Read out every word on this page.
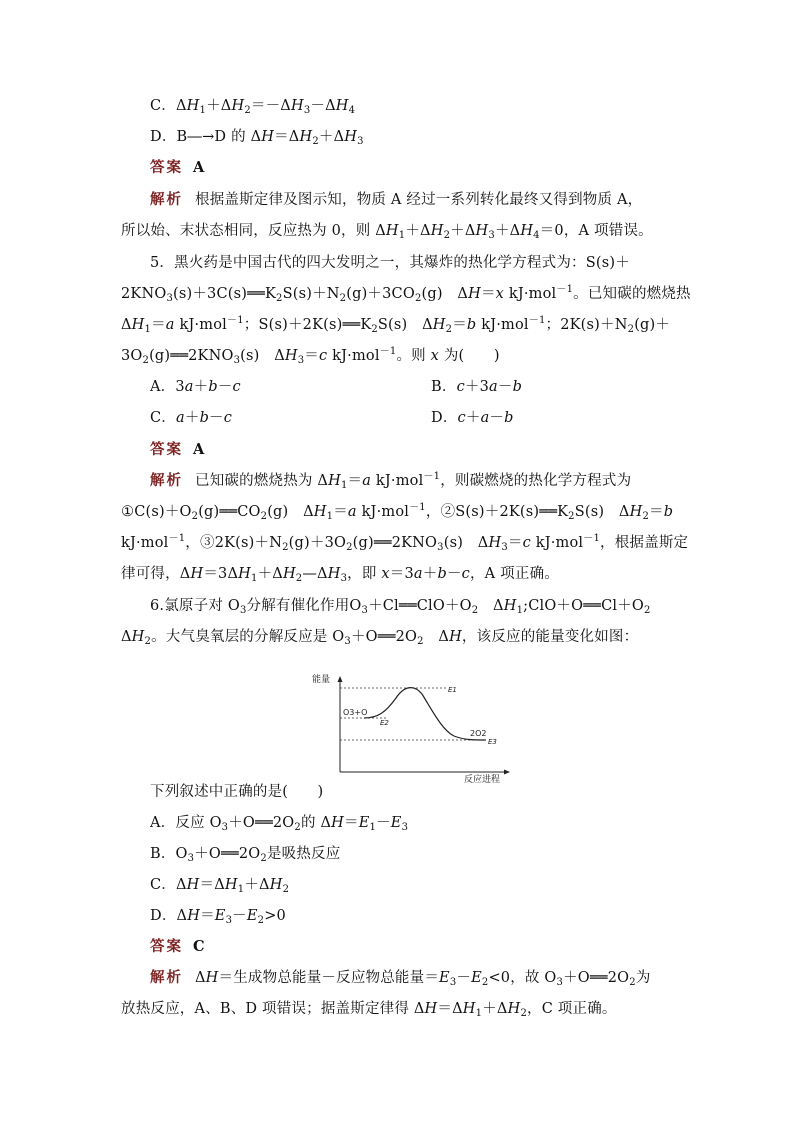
C．$\Delta H_1+\Delta H_2=-\Delta H_3-\Delta H_4$
D．B―→D 的 $\Delta H=\Delta H_2+\Delta H_3$
答案 A
解析 根据盖斯定律及图示知，物质 A 经过一系列转化最终又得到物质 A，
所以始、末状态相同，反应热为 0，则 $\Delta H_1+\Delta H_2+\Delta H_3+\Delta H_4=0$，A 项错误。
5．黑火药是中国古代的四大发明之一，其爆炸的热化学方程式为：S(s)＋
$2KNO_3(s)+3C(s)══K_2S(s)+N_2(g)+3CO_2(g)$　ΔH＝x kJ·mol$^{-1}$。已知碳的燃烧热
$\Delta H_1=a$ kJ·mol$^{-1}$；$S(s)+2K(s)══K_2S(s)$　$\Delta H_2=b$ kJ·mol$^{-1}$；$2K(s)+N_2(g)+$
$3O_2(g)══2KNO_3(s)$　$\Delta H_3=c$ kJ·mol$^{-1}$。则 x 为(　　)
A．3a＋b－c	B．c＋3a－b
C．a＋b－c	D．c＋a－b
答案 A
解析 已知碳的燃烧热为 $\Delta H_1=a$ kJ·mol$^{-1}$，则碳燃烧的热化学方程式为
$①C(s)+O_2(g)══CO_2(g)$　$\Delta H_1=a$ kJ·mol$^{-1}$，$②S(s)+2K(s)══K_2S(s)$　$\Delta H_2=b$
kJ·mol$^{-1}$，$③2K(s)+N_2(g)+3O_2(g)══2KNO_3(s)$　$\Delta H_3=c$ kJ·mol$^{-1}$，根据盖斯定
律可得，$\Delta H=3\Delta H_1+\Delta H_2—\Delta H_3$，即 x＝3a＋b－c，A 项正确。
6.氯原子对 $O_3$分解有催化作用$O_3+Cl══ClO+O_2$　$\Delta H_1;ClO+O══Cl+O_2$
$\Delta H_2$。大气臭氧层的分解反应是 $O_3+O══2O_2$　ΔH，该反应的能量变化如图：
能量
反应进程
O3+O
E2
E1
2O2
E3
下列叙述中正确的是(　　)
A．反应 $O_3+O══2O_2$的 $\Delta H=E_1-E_3$
B．$O_3+O══2O_2$是吸热反应
C．$\Delta H=\Delta H_1+\Delta H_2$
D．$\Delta H=E_3-E_2>0$
答案 C
解析 ΔH＝生成物总能量－反应物总能量$=E_3-E_2<0$，故 $O_3+O══2O_2$为
放热反应，A、B、D 项错误；据盖斯定律得 $\Delta H=\Delta H_1+\Delta H_2$，C 项正确。
